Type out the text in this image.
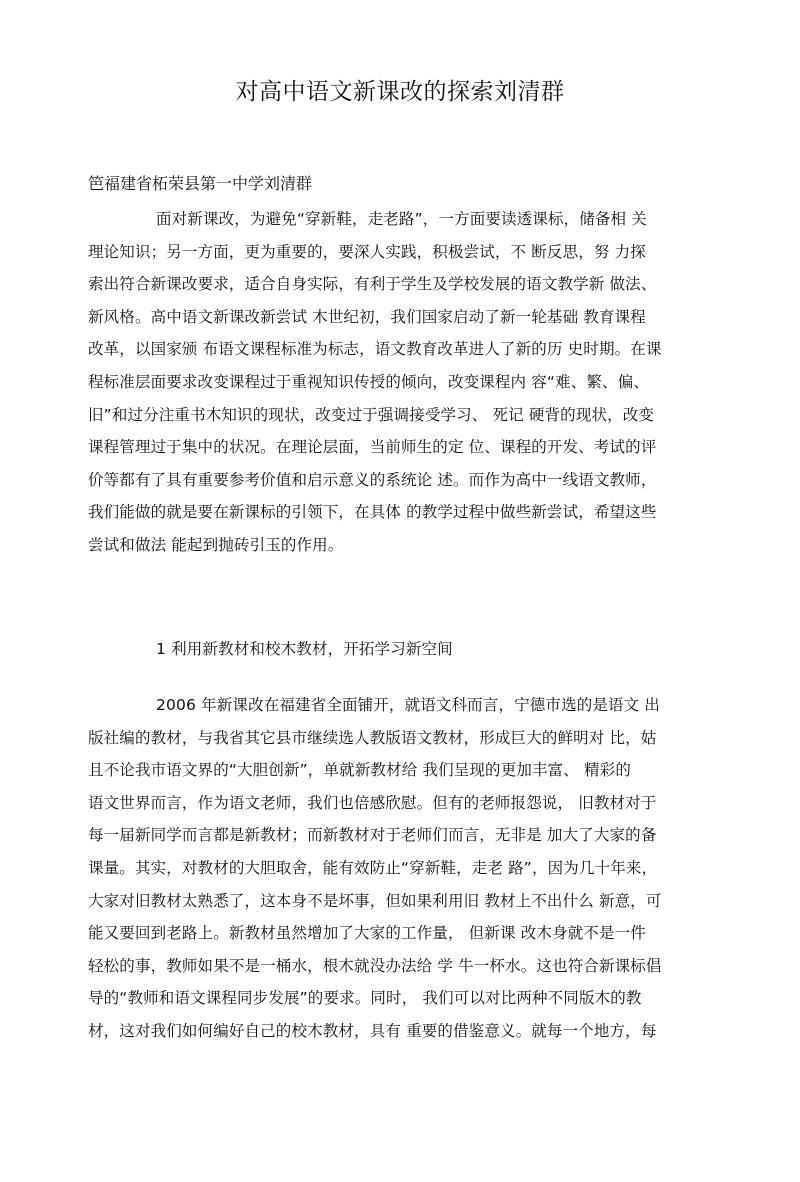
对高中语文新课改的探索刘清群

笆福建省柘荣县第一中学刘清群

面对新课改，为避免“穿新鞋，走老路”，一方面要读透课标，储备相 关
理论知识；另一方面，更为重要的，要深人实践，积极尝试，不 断反思，努 力探
索出符合新课改要求，适合自身实际，有利于学生及学校发展的语文教学新 做法、
新风格。高中语文新课改新尝试 木世纪初，我们国家启动了新一轮基础 教育课程
改革，以国家颁 布语文课程标准为标志，语文教育改革进人了新的历 史时期。在课
程标准层面要求改变课程过于重视知识传授的倾向，改变课程内 容“难、繁、偏、
旧”和过分注重书木知识的现状，改变过于强调接受学习、 死记 硬背的现状，改变
课程管理过于集中的状况。在理论层面，当前师生的定 位、课程的开发、考试的评
价等都有了具有重要参考价值和启示意义的系统论 述。而作为高中一线语文教师，
我们能做的就是要在新课标的引领下，在具体 的教学过程中做些新尝试，希望这些
尝试和做法 能起到抛砖引玉的作用。
1 利用新教材和校木教材，开拓学习新空间
2006 年新课改在福建省全面铺开，就语文科而言，宁德市选的是语文 出
版社编的教材，与我省其它县市继续选人教版语文教材，形成巨大的鲜明对 比，姑
且不论我市语文界的“大胆创新”，单就新教材给 我们呈现的更加丰富、 精彩的
语文世界而言，作为语文老师，我们也倍感欣慰。但有的老师报怨说， 旧教材对于
每一届新同学而言都是新教材；而新教材对于老师们而言，无非是 加大了大家的备
课量。其实，对教材的大胆取舍，能有效防止“穿新鞋，走老 路”，因为几十年来，
大家对旧教材太熟悉了，这本身不是坏事，但如果利用旧 教材上不出什么 新意，可
能又要回到老路上。新教材虽然增加了大家的工作量， 但新课 改木身就不是一件
轻松的事，教师如果不是一桶水，根木就没办法给 学 牛一杯水。这也符合新课标倡
导的“教师和语文课程同步发展”的要求。同时， 我们可以对比两种不同版木的教
材，这对我们如何编好自己的校木教材，具有 重要的借鉴意义。就每一个地方，每
